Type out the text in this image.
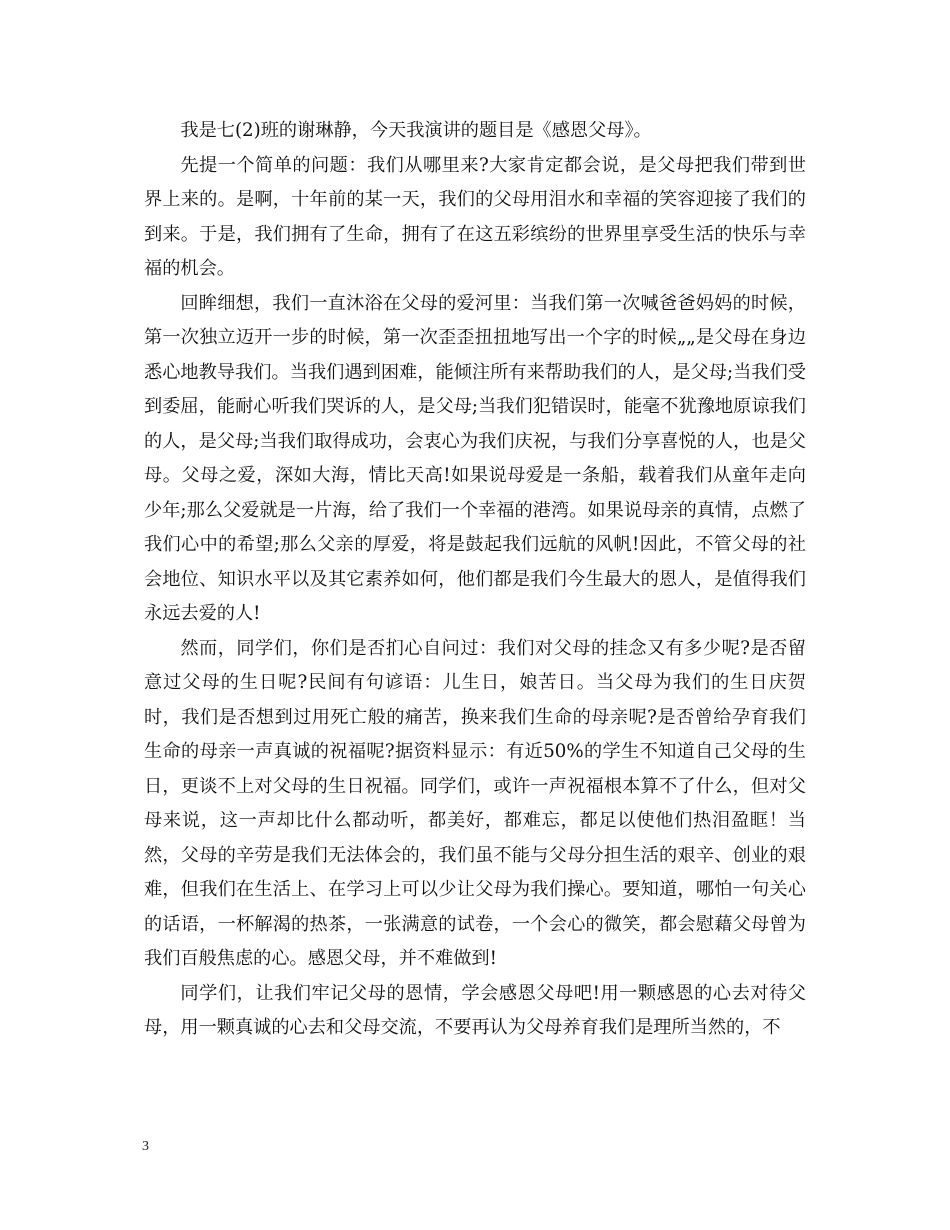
我是七(2)班的谢琳静，今天我演讲的题目是《感恩父母》。

先提一个简单的问题：我们从哪里来?大家肯定都会说，是父母把我们带到世界上来的。是啊，十年前的某一天，我们的父母用泪水和幸福的笑容迎接了我们的到来。于是，我们拥有了生命，拥有了在这五彩缤纷的世界里享受生活的快乐与幸福的机会。

回眸细想，我们一直沐浴在父母的爱河里：当我们第一次喊爸爸妈妈的时候，第一次独立迈开一步的时候，第一次歪歪扭扭地写出一个字的时候„„是父母在身边悉心地教导我们。当我们遇到困难，能倾注所有来帮助我们的人，是父母;当我们受到委屈，能耐心听我们哭诉的人，是父母;当我们犯错误时，能毫不犹豫地原谅我们的人，是父母;当我们取得成功，会衷心为我们庆祝，与我们分享喜悦的人，也是父母。父母之爱，深如大海，情比天高!如果说母爱是一条船，载着我们从童年走向少年;那么父爱就是一片海，给了我们一个幸福的港湾。如果说母亲的真情，点燃了我们心中的希望;那么父亲的厚爱，将是鼓起我们远航的风帆!因此，不管父母的社会地位、知识水平以及其它素养如何，他们都是我们今生最大的恩人，是值得我们永远去爱的人!

然而，同学们，你们是否扪心自问过：我们对父母的挂念又有多少呢?是否留意过父母的生日呢?民间有句谚语：儿生日，娘苦日。当父母为我们的生日庆贺时，我们是否想到过用死亡般的痛苦，换来我们生命的母亲呢?是否曾给孕育我们生命的母亲一声真诚的祝福呢?据资料显示：有近50%的学生不知道自己父母的生日，更谈不上对父母的生日祝福。同学们，或许一声祝福根本算不了什么，但对父母来说，这一声却比什么都动听，都美好，都难忘，都足以使他们热泪盈眶！当然，父母的辛劳是我们无法体会的，我们虽不能与父母分担生活的艰辛、创业的艰难，但我们在生活上、在学习上可以少让父母为我们操心。要知道，哪怕一句关心的话语，一杯解渴的热茶，一张满意的试卷，一个会心的微笑，都会慰藉父母曾为我们百般焦虑的心。感恩父母，并不难做到!

同学们，让我们牢记父母的恩情，学会感恩父母吧!用一颗感恩的心去对待父母，用一颗真诚的心去和父母交流，不要再认为父母养育我们是理所当然的，不

3
